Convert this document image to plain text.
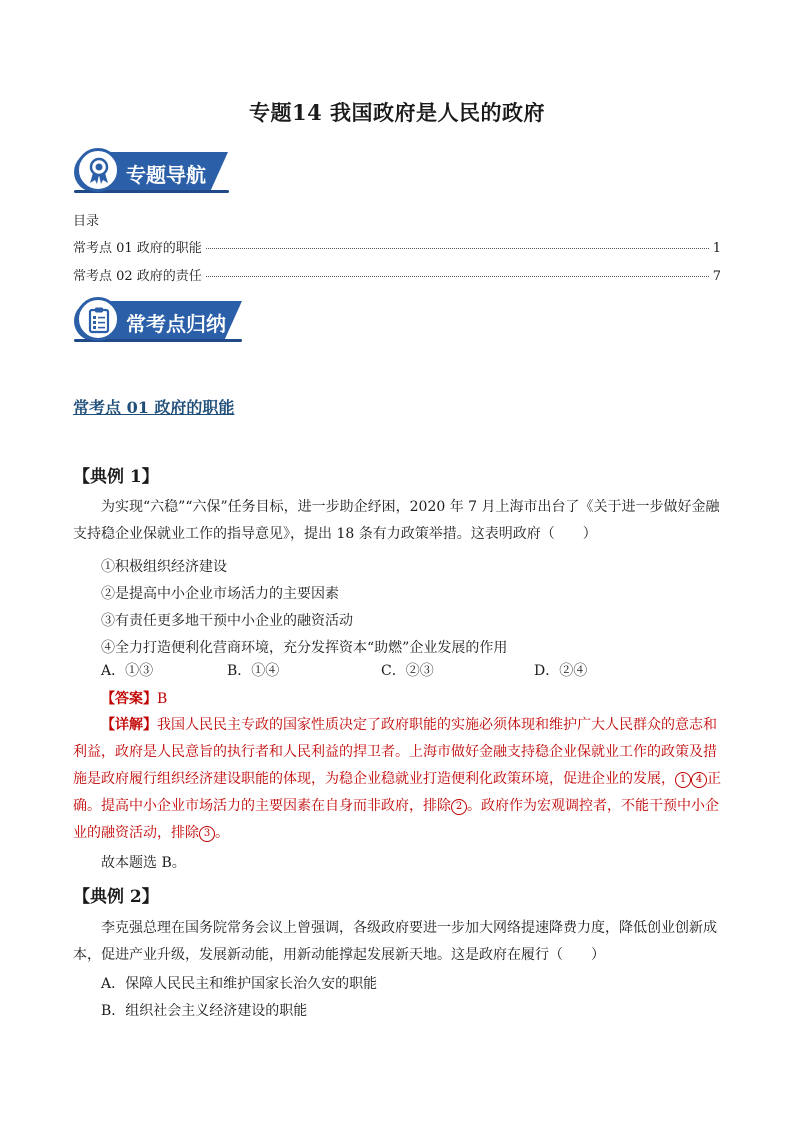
专题14 我国政府是人民的政府
专题导航
目录
常考点 01 政府的职能	1
常考点 02 政府的责任	7
常考点归纳
常考点 01 政府的职能
【典例 1】
为实现“六稳”“六保”任务目标，进一步助企纾困，2020 年 7 月上海市出台了《关于进一步做好金融支持稳企业保就业工作的指导意见》，提出 18 条有力政策举措。这表明政府（　　）
①积极组织经济建设
②是提高中小企业市场活力的主要因素
③有责任更多地干预中小企业的融资活动
④全力打造便利化营商环境，充分发挥资本“助燃”企业发展的作用
A．①③	B．①④	C．②③	D．②④
【答案】B
【详解】我国人民民主专政的国家性质决定了政府职能的实施必须体现和维护广大人民群众的意志和利益，政府是人民意旨的执行者和人民利益的捍卫者。上海市做好金融支持稳企业保就业工作的政策及措施是政府履行组织经济建设职能的体现，为稳企业稳就业打造便利化政策环境，促进企业的发展， 1 4 正确。提高中小企业市场活力的主要因素在自身而非政府，排除 2 。政府作为宏观调控者，不能干预中小企业的融资活动，排除 3 。
故本题选 B。
【典例 2】
李克强总理在国务院常务会议上曾强调，各级政府要进一步加大网络提速降费力度，降低创业创新成本，促进产业升级，发展新动能，用新动能撑起发展新天地。这是政府在履行（　　）
A．保障人民民主和维护国家长治久安的职能
B．组织社会主义经济建设的职能
